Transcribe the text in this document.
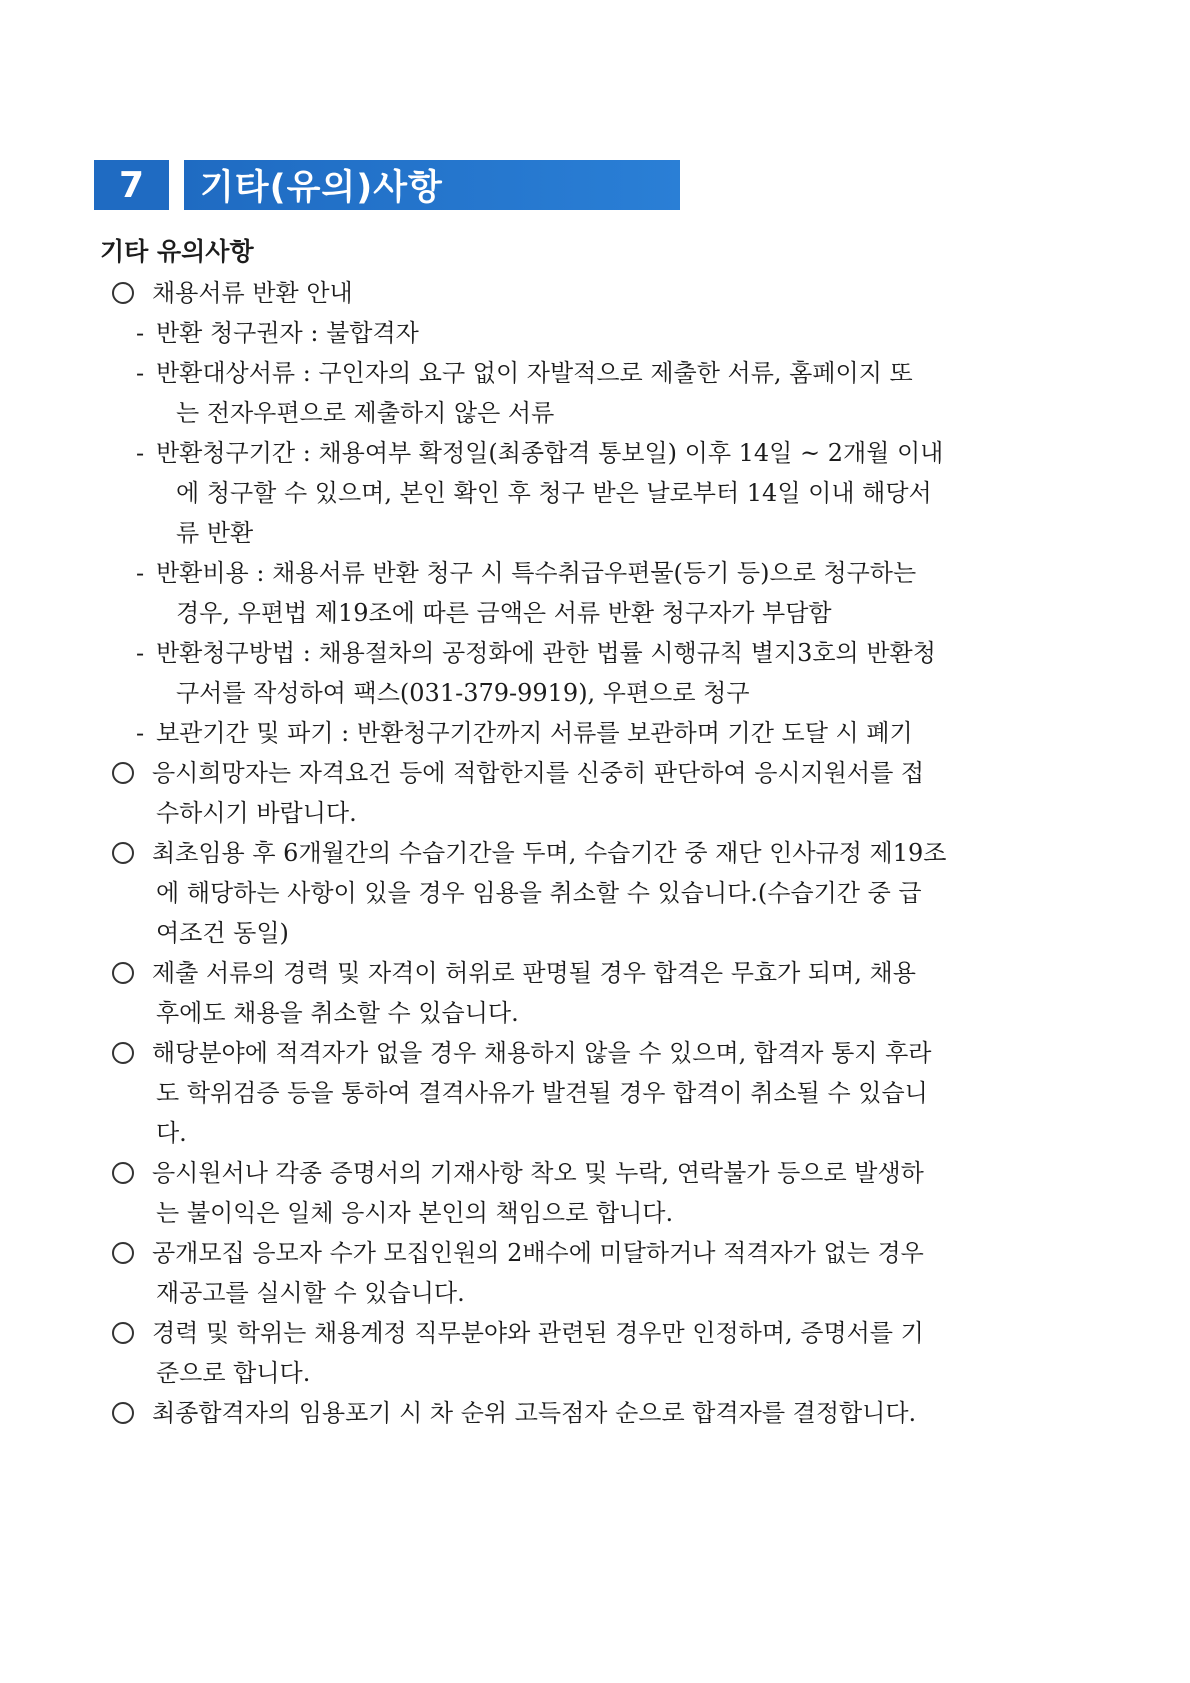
7	기타(유의)사항
기타 유의사항
채용서류 반환 안내
- 반환 청구권자 : 불합격자
- 반환대상서류 : 구인자의 요구 없이 자발적으로 제출한 서류, 홈페이지 또
는 전자우편으로 제출하지 않은 서류
- 반환청구기간 : 채용여부 확정일(최종합격 통보일) 이후 14일 ~ 2개월 이내
에 청구할 수 있으며, 본인 확인 후 청구 받은 날로부터 14일 이내 해당서
류 반환
- 반환비용 : 채용서류 반환 청구 시 특수취급우편물(등기 등)으로 청구하는
경우, 우편법 제19조에 따른 금액은 서류 반환 청구자가 부담함
- 반환청구방법 : 채용절차의 공정화에 관한 법률 시행규칙 별지3호의 반환청
구서를 작성하여 팩스(031-379-9919), 우편으로 청구
- 보관기간 및 파기 : 반환청구기간까지 서류를 보관하며 기간 도달 시 폐기
응시희망자는 자격요건 등에 적합한지를 신중히 판단하여 응시지원서를 접
수하시기 바랍니다.
최초임용 후 6개월간의 수습기간을 두며, 수습기간 중 재단 인사규정 제19조
에 해당하는 사항이 있을 경우 임용을 취소할 수 있습니다.(수습기간 중 급
여조건 동일)
제출 서류의 경력 및 자격이 허위로 판명될 경우 합격은 무효가 되며, 채용
후에도 채용을 취소할 수 있습니다.
해당분야에 적격자가 없을 경우 채용하지 않을 수 있으며, 합격자 통지 후라
도 학위검증 등을 통하여 결격사유가 발견될 경우 합격이 취소될 수 있습니
다.
응시원서나 각종 증명서의 기재사항 착오 및 누락, 연락불가 등으로 발생하
는 불이익은 일체 응시자 본인의 책임으로 합니다.
공개모집 응모자 수가 모집인원의 2배수에 미달하거나 적격자가 없는 경우
재공고를 실시할 수 있습니다.
경력 및 학위는 채용계정 직무분야와 관련된 경우만 인정하며, 증명서를 기
준으로 합니다.
최종합격자의 임용포기 시 차 순위 고득점자 순으로 합격자를 결정합니다.
